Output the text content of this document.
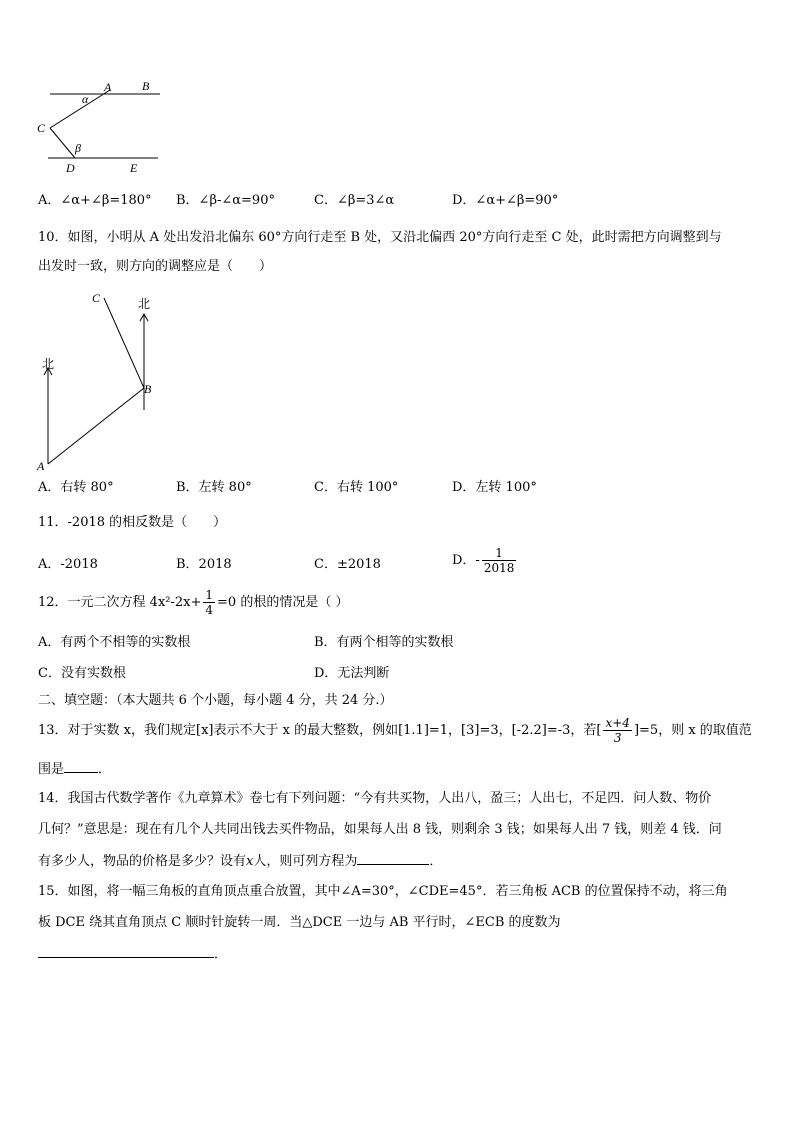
A	B
C
D	E
α
β
A．∠α+∠β=180° B．∠β-∠α=90°	C．∠β=3∠α	D．∠α+∠β=90°
10．如图，小明从 A 处出发沿北偏东 60°方向行走至 B 处，又沿北偏西 20°方向行走至 C 处，此时需把方向调整到与
出发时一致，则方向的调整应是（　　）
A
B
C
北
北
A．右转 80°	B．左转 80°	C．右转 100°	D．左转 100°
11．-2018 的相反数是（　　）
A．-2018	B．2018	C．±2018	D．- $\frac{1}{2018}$
12．一元二次方程 $4x^2-2x+ \frac{1}{4} =0$ 的根的情况是（ ）
A．有两个不相等的实数根	B．有两个相等的实数根
C．没有实数根	D．无法判断
二、填空题：（本大题共 6 个小题，每小题 4 分，共 24 分.）
13．对于实数 x，我们规定[x]表示不大于 x 的最大整数，例如[1.1]=1，[3]=3，[-2.2]=-3，若[ $\frac{x+4}{3} ]=5$，则 x 的取值范
围是	．
14．我国古代数学著作《九章算术》卷七有下列问题：“今有共买物，人出八，盈三；人出七，不足四．问人数、物价
几何？”意思是：现在有几个人共同出钱去买件物品，如果每人出 8 钱，则剩余 3 钱；如果每人出 7 钱，则差 4 钱．问
有多少人，物品的价格是多少？设有x人，则可列方程为	．
15．如图，将一幅三角板的直角顶点重合放置，其中∠A=30°，∠CDE=45°．若三角板 ACB 的位置保持不动，将三角
板 DCE 绕其直角顶点 C 顺时针旋转一周．当△DCE 一边与 AB 平行时，∠ECB 的度数为
．
